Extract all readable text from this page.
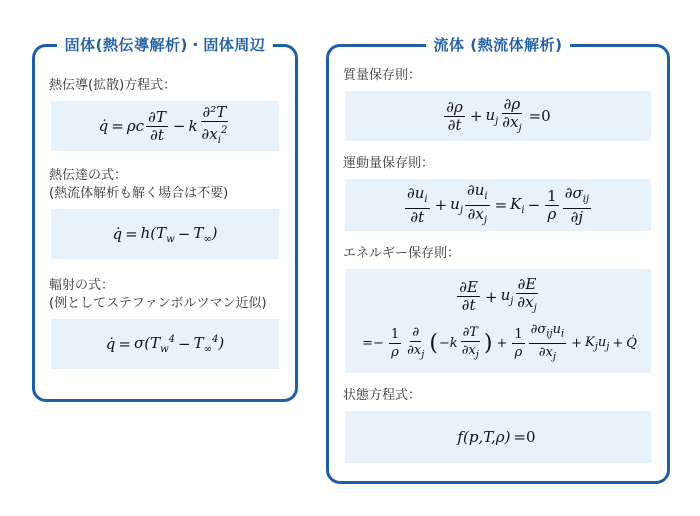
固体(熱伝導解析)・固体周辺
熱伝導(拡散)方程式：
q̇ = ρc $\frac{\partial T}{\partial t} - k \frac{\text{∂²T}}{\partial x_i^2}$
熱伝達の式：
(熱流体解析も解く場合は不要)
q̇ = $h(T_w - T_\infty)$
輻射の式：
(例としてステファンボルツマン近似)
q̇ = $\sigma(T_w^4 - T_\infty^4)$
流体 (熱流体解析)
質量保存則：
$\frac{\partial\rho}{\partial t} + u_j \frac{\partial\rho}{\partial x_j} =0$
運動量保存則：
$\frac{\partial u_i}{\partial t} + u_j \frac{\partial u_i}{\partial x_j} = K_i - \frac{1}{\rho} \frac{\partial\sigma_{ij}}{\partial j}$
エネルギー保存則：
$\frac{\partial E}{\partial t} + u_j \frac{\partial E}{\partial x_j}$
=− $\frac{1}{\rho} \frac{\partial}{\partial x_j}$ ( $-k \frac{\partial T}{\partial x_j}$ ) + $\frac{1}{\rho} \frac{\partial\sigma_{ij}u_i}{\partial x_j} + K_ju_j$ + Q̇
状態方程式：
f(p,T,ρ) =0
